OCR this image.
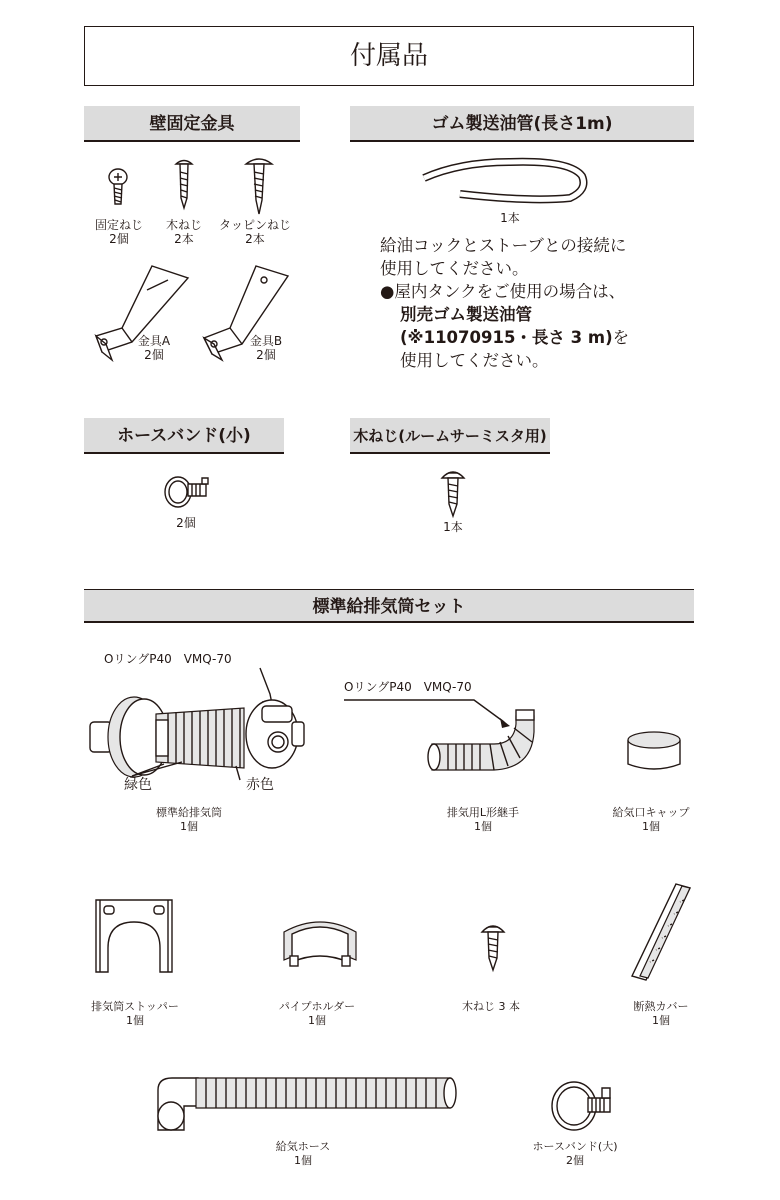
付属品
壁固定金具
固定ねじ
2個
木ねじ
2本
タッピンねじ
2本
金具A
2個
金具B
2個
ゴム製送油管(長さ1m)
1本
給油コックとストーブとの接続に
使用してください。
●屋内タンクをご使用の場合は、
別売ゴム製送油管
(※11070915・長さ 3 m)を
使用してください。
ホースバンド(小)
2個
木ねじ(ルームサーミスタ用)
1本
標準給排気筒セット
OリングP40　VMQ-70
緑色	赤色
標準給排気筒
1個
OリングP40　VMQ-70
排気用L形継手
1個
給気口キャップ
1個
排気筒ストッパー
1個
パイプホルダー
1個
木ねじ 3 本	断熱カバー
1個
給気ホース
1個
ホースバンド(大)
2個
